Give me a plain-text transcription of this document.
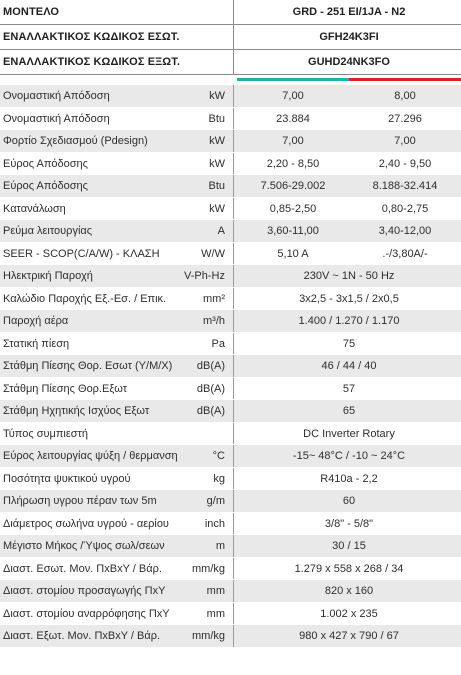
ΜΟΝΤΕΛΟ	GRD - 251 EI/1JA - N2
ΕΝΑΛΛΑΚΤΙΚΟΣ ΚΩΔΙΚΟΣ ΕΣΩΤ.	GFH24K3FI
ΕΝΑΛΛΑΚΤΙΚΟΣ ΚΩΔΙΚΟΣ ΕΞΩΤ.	GUHD24NK3FO
Ονομαστική Απόδοση	kW	7,00	8,00
Ονομαστική Απόδοση	Btu	23.884	27.296
Φορτίο Σχεδιασμού (Pdesign)	kW	7,00	7,00
Εύρος Απόδοσης	kW	2,20 - 8,50	2,40 - 9,50
Εύρος Απόδοσης	Btu	7.506-29.002	8.188-32.414
Κατανάλωση	kW	0,85-2,50	0,80-2,75
Ρεύμα λειτουργίας	A	3,60-11,00	3,40-12,00
SEER - SCOP(C/A/W) - ΚΛΑΣΗ	W/W	5,10 A	.-/3,80A/-
Ηλεκτρική Παροχή	V-Ph-Hz	230V ~ 1N - 50 Hz
Καλώδιο Παροχής Εξ.-Εσ. / Επικ.	mm²	3x2,5 - 3x1,5 / 2x0,5
Παροχή αέρα	m³/h	1.400 / 1.270 / 1.170
Στατική πίεση	Pa	75
Στάθμη Πίεσης Θορ. Εσωτ (Υ/Μ/Χ)	dB(A)	46 / 44 / 40
Στάθμη Πίεσης Θορ.Εξωτ	dB(A)	57
Στάθμη Ηχητικής Ισχύος Εξωτ	dB(A)	65
Τύπος συμπιεστή	DC Inverter Rotary
Εύρος λειτουργίας ψύξη / θερμανση	°C	-15~ 48°C / -10 ~ 24°C
Ποσότητα ψυκτικού υγρού	kg	R410a - 2,2
Πλήρωση υγρου πέραν των 5m	g/m	60
Διάμετρος σωλήνα υγρού - αερίου	inch	3/8" - 5/8"
Μέγιστο Μήκος /Ύψος σωλ/σεων	m	30 / 15
Διαστ. Εσωτ. Μον. ΠxBxY / Βάρ.	mm/kg	1.279 x 558 x 268 / 34
Διαστ. στομίου προσαγωγής ΠxY	mm	820 x 160
Διαστ. στομίου αναρρόφησης ΠxY	mm	1.002 x 235
Διαστ. Εξωτ. Μον. ΠxBxY / Βάρ.	mm/kg	980 x 427 x 790 / 67
